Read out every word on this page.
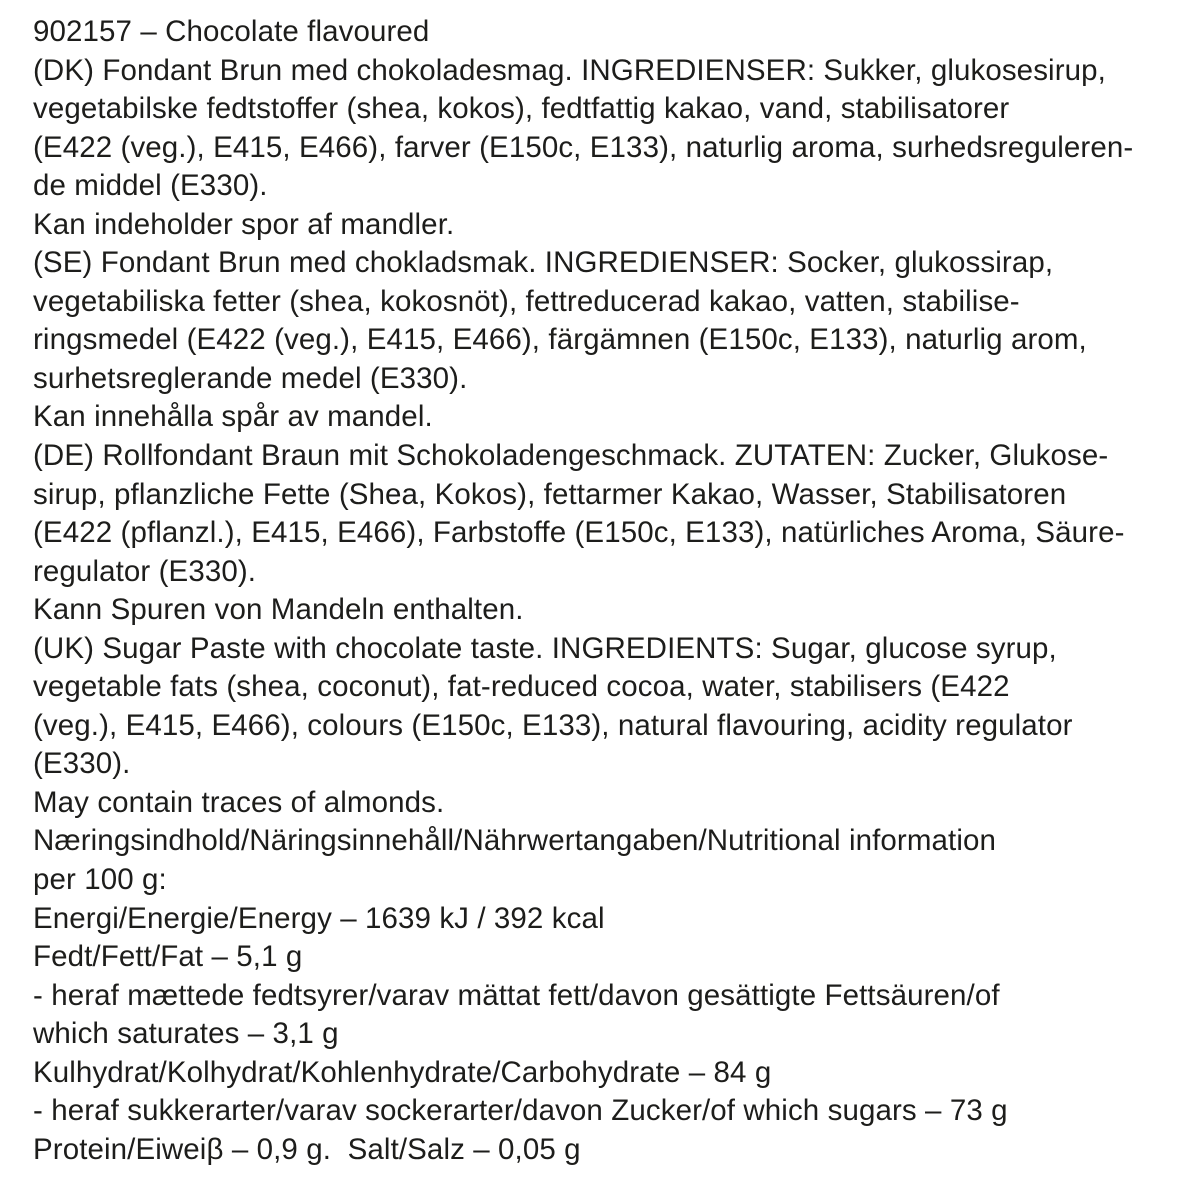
902157 – Chocolate flavoured
(DK) Fondant Brun med chokoladesmag. INGREDIENSER: Sukker, glukosesirup,
vegetabilske fedtstoffer (shea, kokos), fedtfattig kakao, vand, stabilisatorer
(E422 (veg.), E415, E466), farver (E150c, E133), naturlig aroma, surhedsreguleren-
de middel (E330).
Kan indeholder spor af mandler.
(SE) Fondant Brun med chokladsmak. INGREDIENSER: Socker, glukossirap,
vegetabiliska fetter (shea, kokosnöt), fettreducerad kakao, vatten, stabilise-
ringsmedel (E422 (veg.), E415, E466), färgämnen (E150c, E133), naturlig arom,
surhetsreglerande medel (E330).
Kan innehålla spår av mandel.
(DE) Rollfondant Braun mit Schokoladengeschmack. ZUTATEN: Zucker, Glukose-
sirup, pflanzliche Fette (Shea, Kokos), fettarmer Kakao, Wasser, Stabilisatoren
(E422 (pflanzl.), E415, E466), Farbstoffe (E150c, E133), natürliches Aroma, Säure-
regulator (E330).
Kann Spuren von Mandeln enthalten.
(UK) Sugar Paste with chocolate taste. INGREDIENTS: Sugar, glucose syrup,
vegetable fats (shea, coconut), fat-reduced cocoa, water, stabilisers (E422
(veg.), E415, E466), colours (E150c, E133), natural flavouring, acidity regulator
(E330).
May contain traces of almonds.
Næringsindhold/Näringsinnehåll/Nährwertangaben/Nutritional information
per 100 g:
Energi/Energie/Energy – 1639 kJ / 392 kcal
Fedt/Fett/Fat – 5,1 g
- heraf mættede fedtsyrer/varav mättat fett/davon gesättigte Fettsäuren/of
which saturates – 3,1 g
Kulhydrat/Kolhydrat/Kohlenhydrate/Carbohydrate – 84 g
- heraf sukkerarter/varav sockerarter/davon Zucker/of which sugars – 73 g
Protein/Eiweiβ – 0,9 g.  Salt/Salz – 0,05 g
